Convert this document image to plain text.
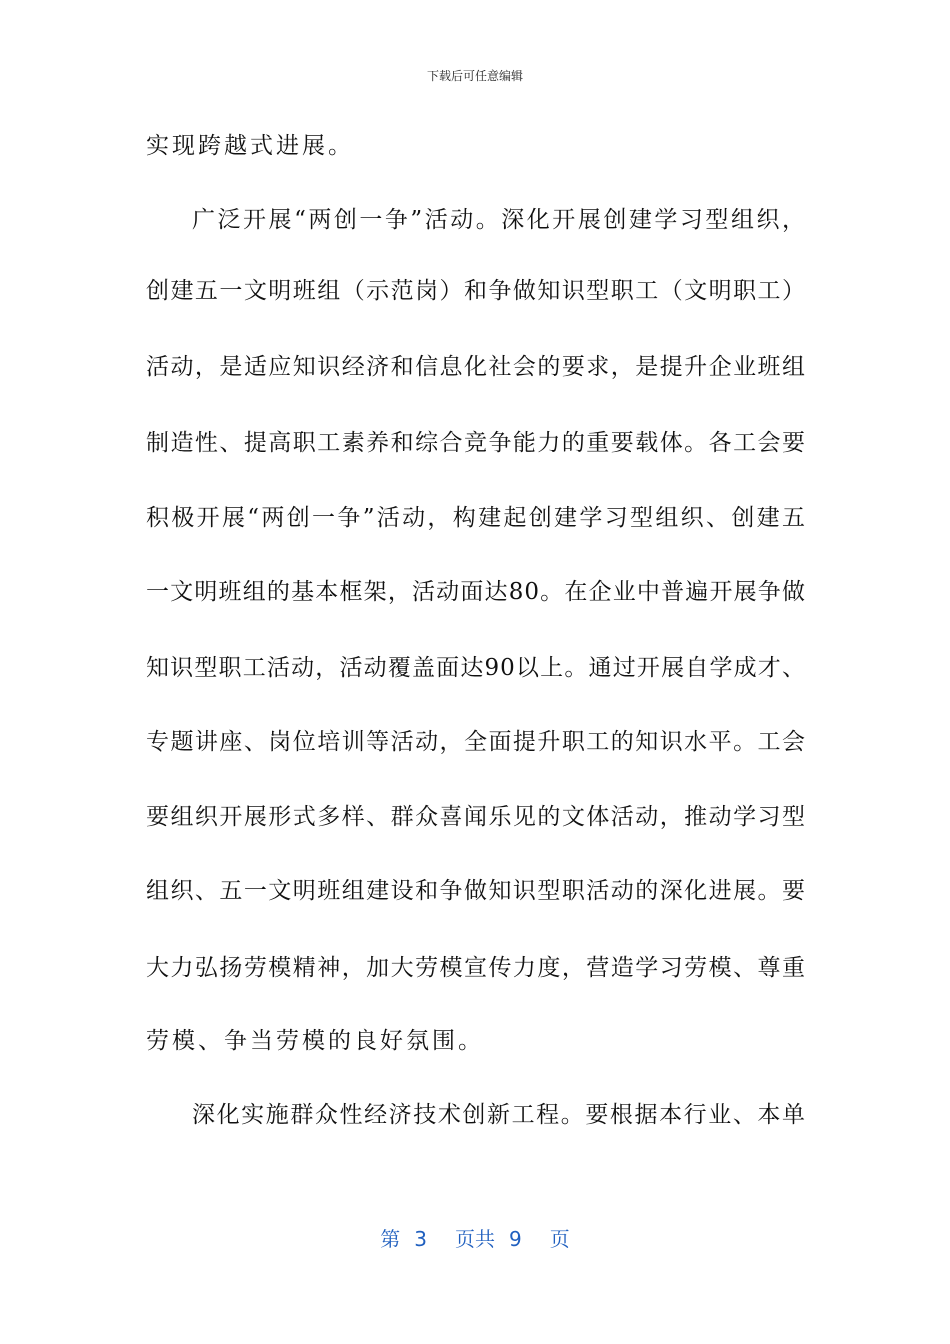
下载后可任意编辑
实现跨越式进展。
广泛开展“两创一争”活动。深化开展创建学习型组织，
创建五一文明班组（示范岗）和争做知识型职工（文明职工）
活动，是适应知识经济和信息化社会的要求，是提升企业班组
制造性、提高职工素养和综合竞争能力的重要载体。各工会要
积极开展“两创一争”活动，构建起创建学习型组织、创建五
一文明班组的基本框架，活动面达80。在企业中普遍开展争做
知识型职工活动，活动覆盖面达90以上。通过开展自学成才、
专题讲座、岗位培训等活动，全面提升职工的知识水平。工会
要组织开展形式多样、群众喜闻乐见的文体活动，推动学习型
组织、五一文明班组建设和争做知识型职活动的深化进展。要
大力弘扬劳模精神，加大劳模宣传力度，营造学习劳模、尊重
劳模、争当劳模的良好氛围。
深化实施群众性经济技术创新工程。要根据本行业、本单
第 3 页共 9 页
